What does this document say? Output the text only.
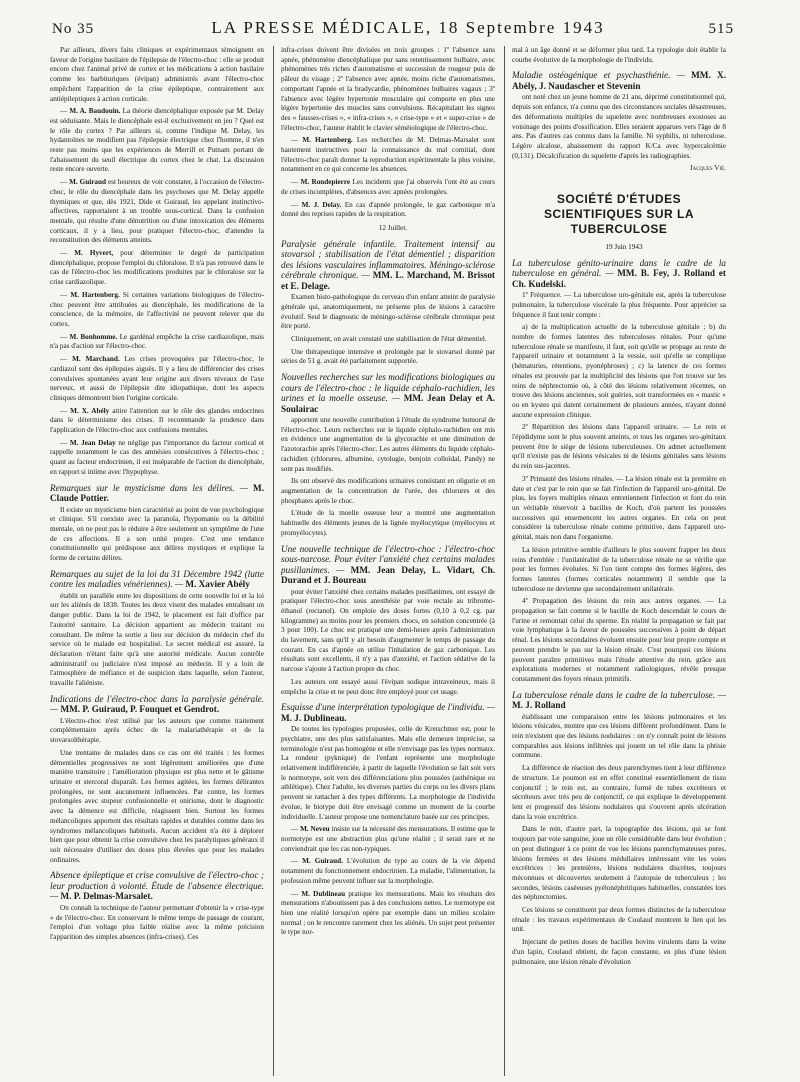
No 35	LA PRESSE MÉDICALE, 18 Septembre 1943	515

Par ailleurs, divers faits cliniques et expérimentaux témoignent en faveur de l'origine basilaire de l'épilepsie de l'électro-choc : elle se produit encore chez l'animal privé de cortex et les médications à action basilaire comme les barbituriques (évipan) administrés avant l'électro-choc empêchent l'apparition de la crise épileptique, contrairement aux antiépileptiques à action corticale.

— M. A. Baudouin. La théorie diencéphalique exposée par M. Delay est séduisante. Mais le diencéphale est-il exclusivement en jeu ? Quel est le rôle du cortex ? Par ailleurs si, comme l'indique M. Delay, les hydantoïnes ne modifient pas l'épilepsie électrique chez l'homme, il n'en reste pas moins que les expériences de Merrill et Putnam portant de l'abaissement du seuil électrique du cortex chez le chat. La discussion reste encore ouverte.

— M. Guiraud est heureux de voir constater, à l'occasion de l'électro-choc, le rôle du diencéphale dans les psychoses que M. Delay appelle thymiques et que, dès 1921, Dide et Guiraud, les appelant instinctivo-affectives, rapportaient à un trouble sous-cortical. Dans la confusion mentale, qui résulte d'une dénutrition ou d'une intoxication des éléments corticaux, il y a lieu, pour pratiquer l'électro-choc, d'attendre la reconstitution des éléments atteints.

— M. Hyvert, pour déterminer le degré de participation diencéphalique, propose l'emploi du chloralose. Il n'a pas retrouvé dans le cas de l'électro-choc les modifications produites par le chloralose sur la crise cardiazolique.

— M. Hartenberg. Si certaines variations biologiques de l'électro-choc peuvent être attribuées au diencéphale, les modifications de la conscience, de la mémoire, de l'affectivité ne peuvent relever que du cortex.

— M. Bonhomme. Le gardénal empêche la crise cardiazolique, mais n'a pas d'action sur l'électro-choc.

— M. Marchand. Les crises provoquées par l'électro-choc, le cardiazol sont des épilepsies aiguës. Il y a lieu de différencier des crises convulsives spontanées ayant leur origine aux divers niveaux de l'axe nerveux, et aussi de l'épilepsie dite idiopathique, dont les aspects cliniques démontrent bien l'origine corticale.

— M. X. Abély attire l'attention sur le rôle des glandes endocrines dans le déterminisme des crises. Il recommande la prudence dans l'application de l'électro-choc aux confusions mentales.

— M. Jean Delay ne néglige pas l'importance du facteur cortical et rappelle notamment le cas des amnésies consécutives à l'électro-choc ; quant au facteur endocrinien, il est inséparable de l'action du diencéphale, en rapport si intime avec l'hypophyse.

Remarques sur le mysticisme dans les délires. — M. Claude Pottier.

Il existe un mysticisme bien caractérisé au point de vue psychologique et clinique. S'il coexiste avec la paranoïa, l'hypomanie ou la débilité mentale, on ne peut pas le réduire à être seulement un symptôme de l'une de ces affections. Il a son unité propre. C'est une tendance constitutionnelle qui prédispose aux délires mystiques et explique la forme de certains délires.

Remarques au sujet de la loi du 31 Décembre 1942 (lutte contre les maladies vénériennes). — M. Xavier Abély

établit un parallèle entre les dispositions de cette nouvelle loi et la loi sur les aliénés de 1838. Toutes les deux visent des malades entraînant un danger public. Dans la loi de 1942, le placement est fait d'office par l'autorité sanitaire. La décision appartient au médecin traitant ou consultant. De même la sortie a lieu sur décision du médecin chef du service où le malade est hospitalisé. Le secret médical est assuré, la déclaration n'étant faite qu'à une autorité médicale. Aucun contrôle administratif ou judiciaire n'est imposé au médecin. Il y a loin de l'atmosphère de méfiance et de suspicion dans laquelle, selon l'auteur, travaille l'aliéniste.

Indications de l'électro-choc dans la paralysie générale. — MM. P. Guiraud, P. Fouquet et Gendrot.

L'électro-choc n'est utilisé par les auteurs que comme traitement complémentaire après échec de la malariathérapie et de la stovarsolthérapie.

Une trentaine de malades dans ce cas ont été traités : les formes démentielles progressives ne sont légèrement améliorées que d'une manière transitoire ; l'amélioration physique est plus nette et le gâtisme urinaire et stercoral disparaît. Les formes agitées, les formes délirantes prolongées, ne sont aucunement influencées. Par contre, les formes prolongées avec stupeur confusionnelle et onirisme, dont le diagnostic avec la démence est difficile, réagissent bien. Surtout les formes mélancoliques apportent des résultats rapides et durables comme dans les syndromes mélancoliques habituels. Aucun accident n'a été à déplorer bien que pour obtenir la crise convulsive chez les paralytiques généraux il soit nécessaire d'utiliser des doses plus élevées que pour les malades ordinaires.

Absence épileptique et crise convulsive de l'électro-choc ; leur production à volonté. Étude de l'absence électrique. — M. P. Delmas-Marsalet.

On connaît la technique de l'auteur permettant d'obtenir la « crise-type » de l'électro-choc. En conservant le même temps de passage de courant, l'emploi d'un voltage plus faible réalise avec la même précision l'apparition des simples absences (infra-crises). Ces

infra-crises doivent être divisées en trois groupes : 1º l'absence sans apnée, phénomène diencéphalique pur sans retentissement bulbaire, avec phénomènes très riches d'automatisme et succession de rougeur puis de pâleur du visage ; 2º l'absence avec apnée, moins riche d'automatismes, comportant l'apnée et la bradycardie, phénomènes bulbaires vagaux ; 3º l'absence avec légère hypertonie musculaire qui comporte en plus une légère hypertonie des muscles sans convulsions. Récapitulant les signes des « fausses-crises », « infra-crises », « crise-type » et « super-crise » de l'électro-choc, l'auteur établit le clavier séméiologique de l'électro-choc.

— M. Hartenberg. Les recherches de M. Delmas-Marsalet sont hautement instructives pour la connaissance du mal comitial, dont l'électro-choc paraît donner la reproduction expérimentale la plus voisine, notamment en ce qui concerne les absences.

— M. Rondepierre Les incidents que j'ai observés l'ont été au cours de crises incomplètes, d'absences avec apnées prolongées.

— M. J. Delay. En cas d'apnée prolongée, le gaz carbonique m'a donné des reprises rapides de la respiration.

12 Juillet.

Paralysie générale infantile. Traitement intensif au stovarsol ; stabilisation de l'état démentiel ; disparition des lésions vasculaires inflammatoires. Méningo-sclérose cérébrale chronique. — MM. L. Marchand, M. Brissot et E. Delage.

Examen histo-pathologique du cerveau d'un enfant atteint de paralysie générale qui, anatomiquement, ne présente plus de lésions à caractère évolutif. Seul le diagnostic de méningo-sclérose cérébrale chronique peut être porté.

Cliniquement, on avait constaté une stabilisation de l'état démentiel.

Une thérapeutique intensive et prolongée par le stovarsol donné par séries de 51 g. avait été parfaitement supportée.

Nouvelles recherches sur les modifications biologiques au cours de l'électro-choc : le liquide céphalo-rachidien, les urines et la moelle osseuse. — MM. Jean Delay et A. Soulairac

apportent une nouvelle contribution à l'étude du syndrome humoral de l'électro-choc. Leurs recherches sur le liquide céphalo-rachidien ont mis en évidence une augmentation de la glycorachie et une diminution de l'azotorachie après l'électro-choc. Les autres éléments du liquide céphalo-rachidien (chlorures, albumine, cytologie, benjoin colloïdal, Pandy) ne sont pas modifiés.

Ils ont observé des modifications urinaires consistant en oligurie et en augmentation de la concentration de l'urée, des chlorures et des phosphates après le choc.

L'étude de la moelle osseuse leur a montré une augmentation habituelle des éléments jeunes de la lignée myélocytique (myélocytes et promyélocytes).

Une nouvelle technique de l'électro-choc : l'électro-choc sous-narcose. Pour éviter l'anxiété chez certains malades pusillanimes. — MM. Jean Delay, L. Vidart, Ch. Durand et J. Boureau

pour éviter l'anxiété chez certains malades pusillanimes, ont essayé de pratiquer l'électro-choc sous anesthésie par voie rectale au tribromo-éthanol (rectanol). On emploie des doses fortes (0,10 à 0,2 cg. par kilogramme) au moins pour les premiers chocs, en solution concentrée (à 3 pour 100). Le choc est pratiqué une demi-heure après l'administration du lavement, sans qu'il y ait besoin d'augmenter le temps de passage du courant. En cas d'apnée on utilise l'inhalation de gaz carbonique. Les résultats sont excellents, il n'y a pas d'anxiété, et l'action sédative de la narcose s'ajoute à l'action propre du choc.

Les auteurs ont essayé aussi l'évipan sodique intraveineux, mais il empêche la crise et ne peut donc être employé pour cet usage.

Esquisse d'une interprétation typologique de l'individu. — M. J. Dublineau.

De toutes les typologies proposées, celle de Kretschmer est, pour le psychiatre, une des plus satisfaisantes. Mais elle demeure imprécise, sa terminologie n'est pas homogène et elle n'envisage pas les types normaux. La rondeur (pyknique) de l'enfant représente une morphologie relativement indifférenciée, à partir de laquelle l'évolution se fait soit vers le normotype, soit vers des différenciations plus poussées (asthénique ou athlétique). Chez l'adulte, les diverses parties du corps ou les divers plans peuvent se rattacher à des types différents. La morphologie de l'individu évolue, le biotype doit être envisagé comme un moment de la courbe individuelle. L'auteur propose une nomenclature basée sur ces principes.

— M. Neveu insiste sur la nécessité des mensurations. Il estime que le normotype est une abstraction plus qu'une réalité ; il serait rare et ne conviendrait que les cas non-typiques.

— M. Guiraud. L'évolution du type au cours de la vie dépend notamment du fonctionnement endocrinien. La maladie, l'alimentation, la profession même peuvent influer sur la morphologie.

— M. Dublineau pratique les mensurations. Mais les résultats des mensurations n'aboutissent pas à des conclusions nettes. Le normotype est bien une réalité lorsqu'on opère par exemple dans un milieu scolaire normal ; on le rencontre rarement chez les aliénés. Un sujet peut présenter le type nor-

mal à un âge donné et se déformer plus tard. La typologie doit établir la courbe évolutive de la morphologie de l'individu.

Maladie ostéogénique et psychasthénie. — MM. X. Abély, J. Naudascher et Stevenin

ont noté chez un jeune homme de 21 ans, déprimé constitutionnel qui, depuis son enfance, n'a connu que des circonstances sociales désastreuses, des déformations multiples du squelette avec nombreuses exostoses au voisinage des points d'ossification. Elles seraient apparues vers l'âge de 8 ans. Pas d'autres cas connus dans la famille. Ni syphilis, ni tuberculose. Légère alcalose, abaissement du rapport K/Ca avec hypercalcémie (0,131). Décalcification du squelette d'après les radiographies.

Jacques Vié.

SOCIÉTÉ D'ÉTUDES SCIENTIFIQUES SUR LA TUBERCULOSE

19 Juin 1943

La tuberculose génito-urinaire dans le cadre de la tuberculose en général. — MM. B. Fey, J. Rolland et Ch. Kudelski.

1º Fréquence. — La tuberculose uro-génitale est, après la tuberculose pulmonaire, la tuberculose viscérale la plus fréquente. Pour apprécier sa fréquence il faut tenir compte :

a) de la multiplication actuelle de la tuberculose génitale ; b) du nombre de formes latentes des tuberculoses rénales. Pour qu'une tuberculose rénale se manifeste, il faut, soit qu'elle se propage au reste de l'appareil urinaire et notamment à la vessie, soit qu'elle se complique (hématuries, rétentions, pyonéphroses) ; c) la latence de ces formes rénales est prouvée par la multiplicité des lésions que l'on trouve sur les reins de néphrectomie où, à côté des lésions relativement récentes, on trouve des lésions anciennes, soit guéries, soit transformées en « mastic » ou en kystes qui datent certainement de plusieurs années, n'ayant donné aucune expression clinique.

2º Répartition des lésions dans l'appareil urinaire. — Le rein et l'épididyme sont le plus souvent atteints, et tous les organes uro-génitaux peuvent être le siège de lésions tuberculeuses. On admet actuellement qu'il n'existe pas de lésions vésicales ni de lésions génitales sans lésions du rein sus-jacentes.

3º Primauté des lésions rénales. — La lésion rénale est la première en date et c'est par le rein que se fait l'infection de l'appareil uro-génital. De plus, les foyers multiples rénaux entretiennent l'infection et font du rein un véritable réservoir à bacilles de Koch, d'où partent les poussées successives qui ensemencent les autres organes. En cela on peut considérer la tuberculose rénale comme primitive, dans l'appareil uro-génital, mais non dans l'organisme.

La lésion primitive semble d'ailleurs le plus souvent frapper les deux reins d'emblée : l'unilatéralité de la tuberculose rénale ne se vérifie que pour les formes évoluées. Si l'on tient compte des formes légères, des formes latentes (formes corticales notamment) il semble que la tuberculose ne devienne que secondairement unilatérale.

4º Propagation des lésions du rein aux autres organes. — La propagation se fait comme si le bacille de Koch descendait le cours de l'urine et remontait celui du sperme. En réalité la propagation se fait par voie lymphatique à la faveur de poussées successives à point de départ rénal. Les lésions secondaires évoluent ensuite pour leur propre compte et peuvent prendre le pas sur la lésion rénale. C'est pourquoi ces lésions peuvent paraître primitives mais l'étude attentive du rein, grâce aux explorations modernes et notamment radiologiques, révèle presque constamment des foyers rénaux primitifs.

La tuberculose rénale dans le cadre de la tuberculose. — M. J. Rolland

établissant une comparaison entre les lésions pulmonaires et les lésions vésicales, montre que ces lésions diffèrent profondément. Dans le rein n'existent que des lésions nodulaires : on n'y connaît point de lésions comparables aux lésions infiltrées qui jouent un tel rôle dans la phtisie commune.

La différence de réaction des deux parenchymes tient à leur différence de structure. Le poumon est en effet constitué essentiellement de tissu conjonctif ; le rein est, au contraire, formé de tubes excréteurs et sécréteurs avec très peu de conjonctif, ce qui explique le développement lent et progressif des lésions nodulaires qui s'ouvrent après ulcération dans la voie excrétrice.

Dans le rein, d'autre part, la topographie des lésions, qui se font toujours par voie sanguine, joue un rôle considérable dans leur évolution ; on peut distinguer à ce point de vue les lésions parenchymateuses pures, lésions fermées et des lésions médullaires intéressant vite les voies excrétrices : les premières, lésions nodulaires discrètes, toujours méconnues et découvertes seulement à l'autopsie de tuberculeux ; les secondes, lésions caséeuses pyélonéphritiques habituelles, constatées lors des néphrectomies.

Ces lésions se constituent par deux formes distinctes de la tuberculose rénale : les travaux expérimentaux de Coulaud montrent le lien qui les unit.

Injectant de petites doses de bacilles bovins virulents dans la veine d'un lapin, Coulaud obtient, de façon constante, en plus d'une lésion pulmonaire, une lésion rénale d'évolution
